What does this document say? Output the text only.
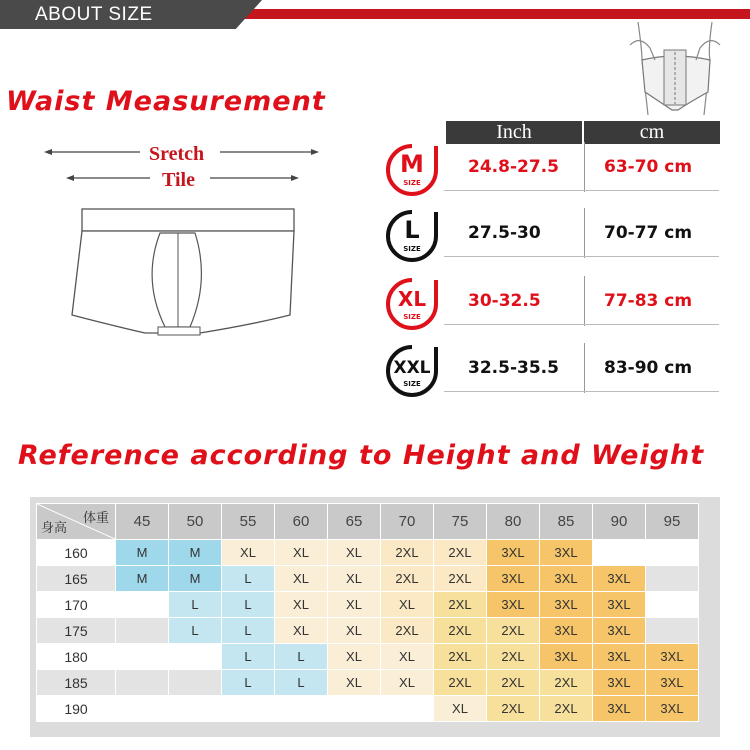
ABOUT SIZE
Waist Measurement
Sretch
Tile
Inch	cm
M
SIZE
24.8-27.5	63-70 cm
L
SIZE
27.5-30	70-77 cm
XL
SIZE
30-32.5	77-83 cm
XXL
SIZE
32.5-35.5	83-90 cm
Reference according to Height and Weight
体重
身高	45	50	55	60	65	70	75	80	85	90	95
160	M	M	XL	XL	XL	2XL	2XL	3XL	3XL		
165	M	M	L	XL	XL	2XL	2XL	3XL	3XL	3XL	
170		L	L	XL	XL	XL	2XL	3XL	3XL	3XL	
175		L	L	XL	XL	2XL	2XL	2XL	3XL	3XL	
180			L	L	XL	XL	2XL	2XL	3XL	3XL	3XL
185			L	L	XL	XL	2XL	2XL	2XL	3XL	3XL
190							XL	2XL	2XL	3XL	3XL
